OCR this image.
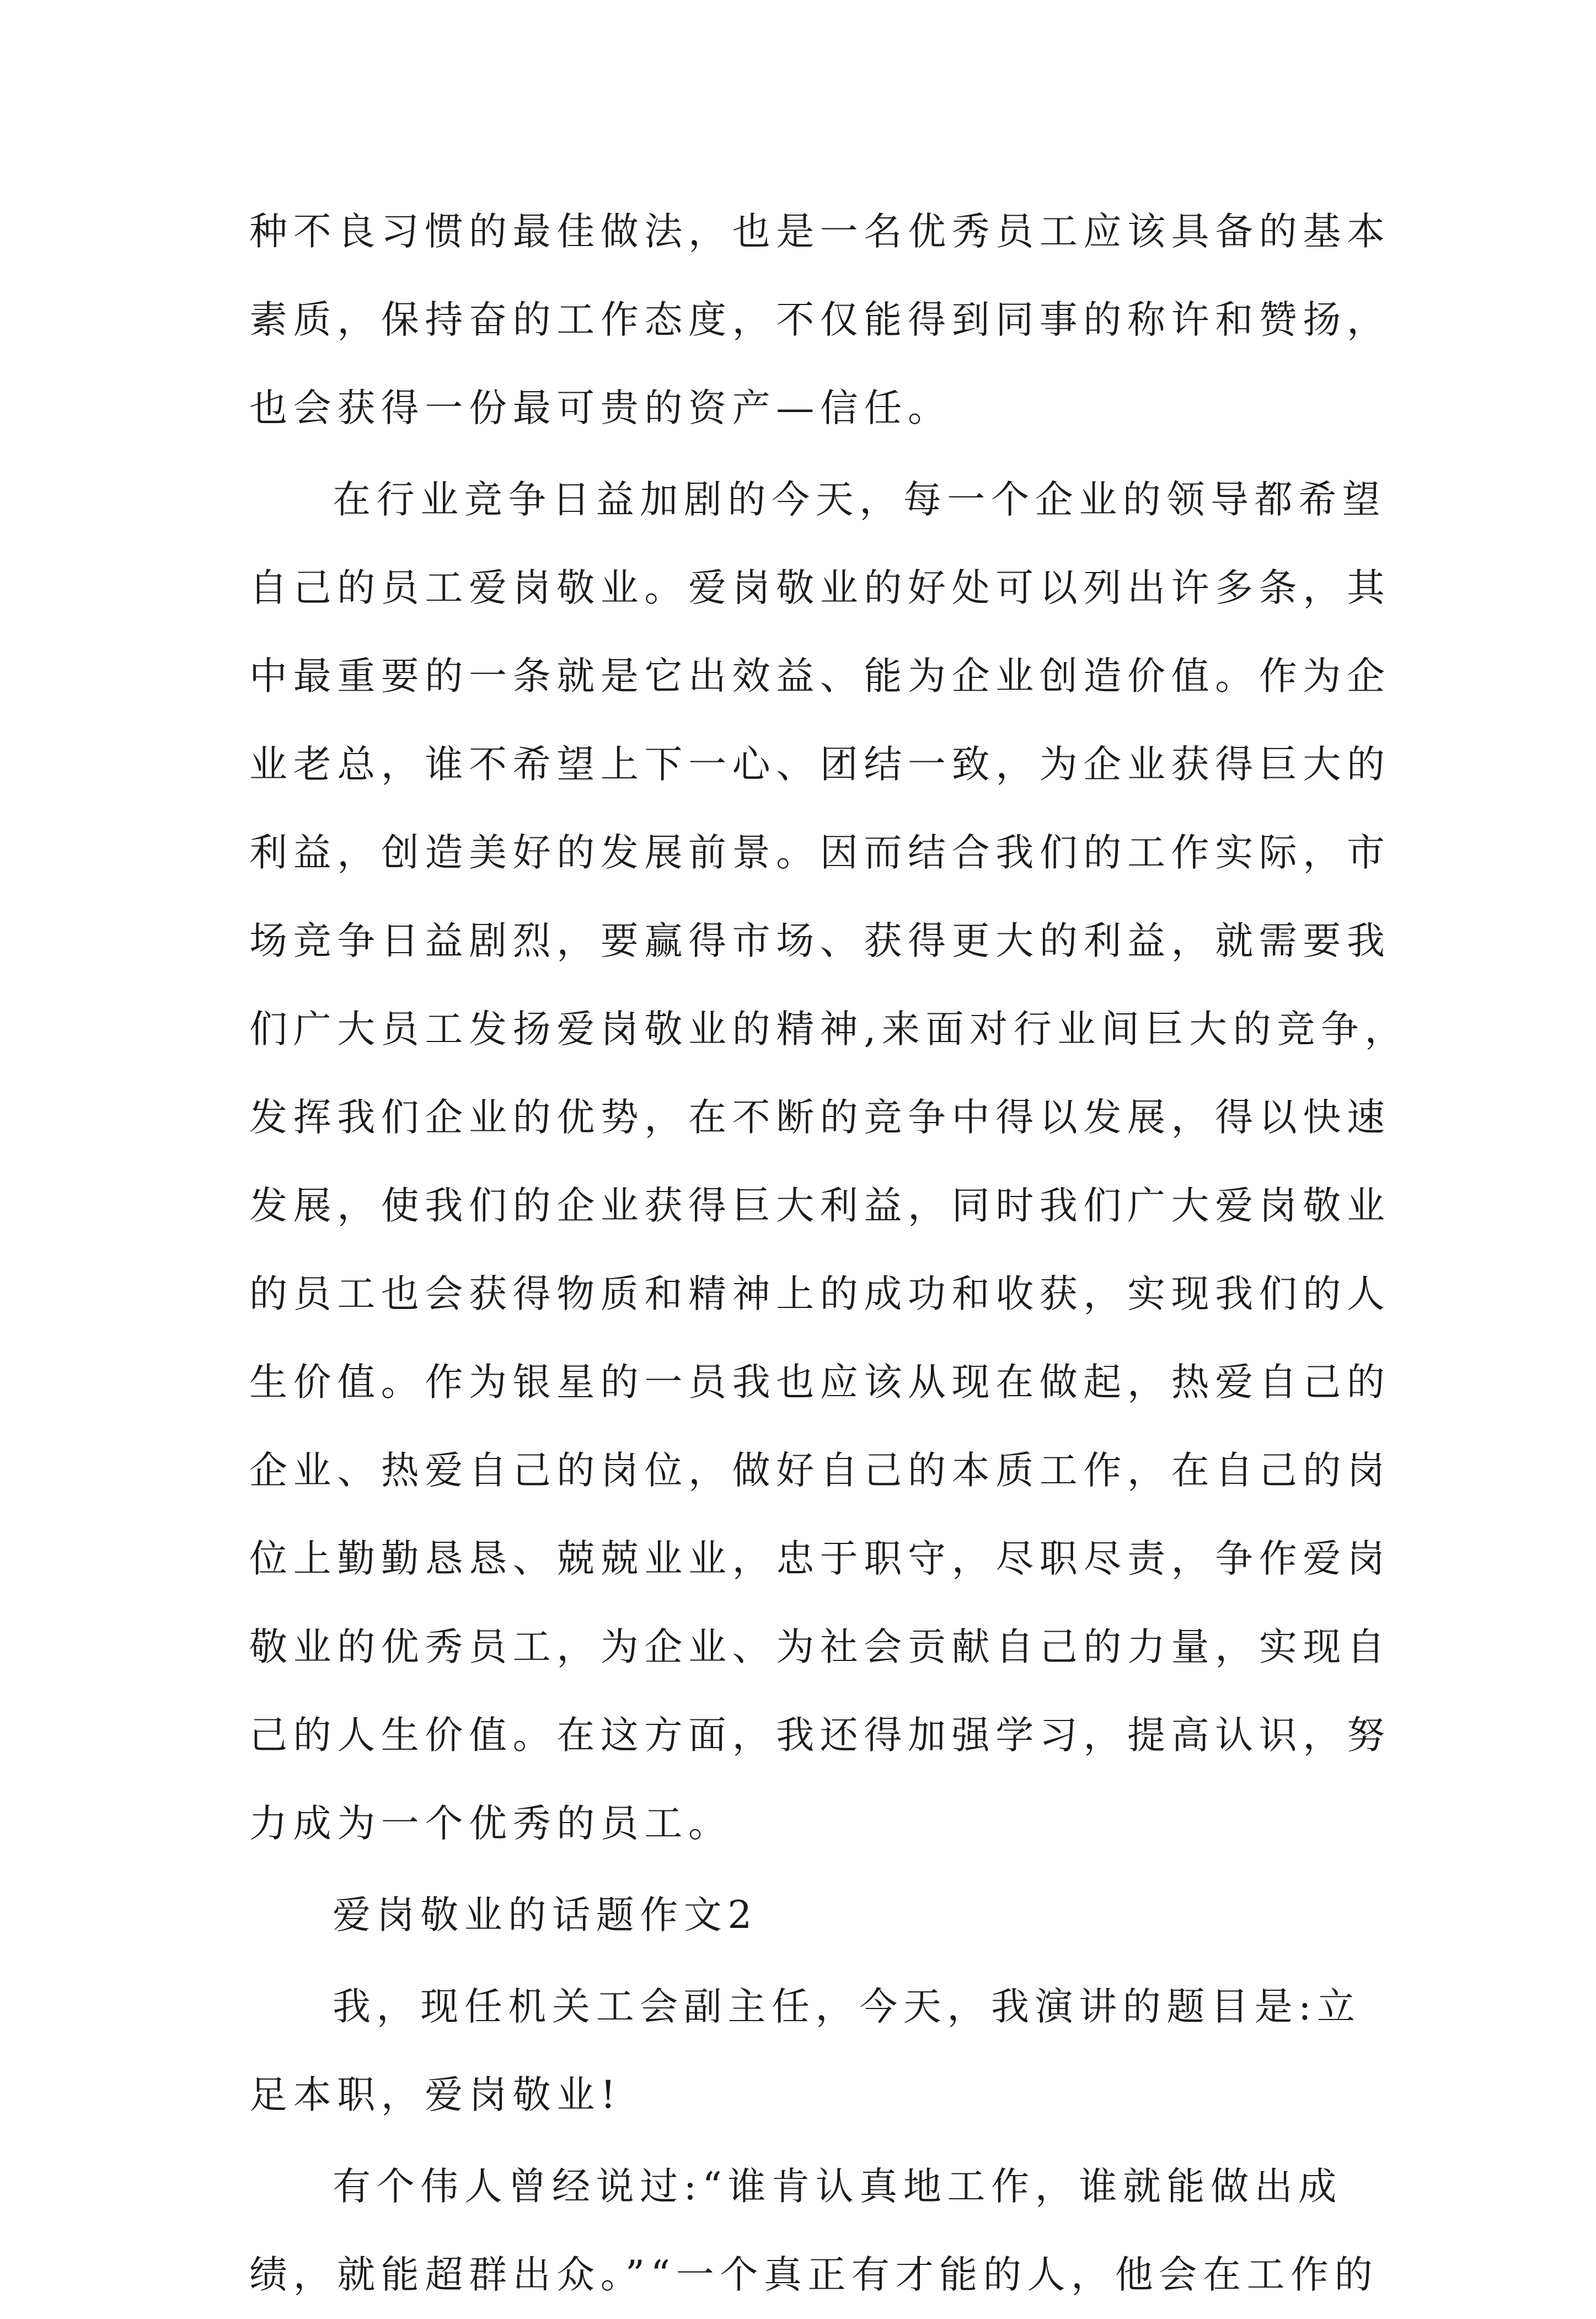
种不良习惯的最佳做法，也是一名优秀员工应该具备的基本

素质，保持奋的工作态度，不仅能得到同事的称许和赞扬，

也会获得一份最可贵的资产—信任。

在行业竞争日益加剧的今天，每一个企业的领导都希望

自己的员工爱岗敬业。爱岗敬业的好处可以列出许多条，其

中最重要的一条就是它出效益、能为企业创造价值。作为企

业老总，谁不希望上下一心、团结一致，为企业获得巨大的

利益，创造美好的发展前景。因而结合我们的工作实际，市

场竞争日益剧烈，要赢得市场、获得更大的利益，就需要我

们广大员工发扬爱岗敬业的精神,来面对行业间巨大的竞争，

发挥我们企业的优势，在不断的竞争中得以发展，得以快速

发展，使我们的企业获得巨大利益，同时我们广大爱岗敬业

的员工也会获得物质和精神上的成功和收获，实现我们的人

生价值。作为银星的一员我也应该从现在做起，热爱自己的

企业、热爱自己的岗位，做好自己的本质工作，在自己的岗

位上勤勤恳恳、兢兢业业，忠于职守，尽职尽责，争作爱岗

敬业的优秀员工，为企业、为社会贡献自己的力量，实现自

己的人生价值。在这方面，我还得加强学习，提高认识，努

力成为一个优秀的员工。

爱岗敬业的话题作文2

我，现任机关工会副主任，今天，我演讲的题目是:立

足本职，爱岗敬业!

有个伟人曾经说过:“谁肯认真地工作，谁就能做出成

绩，就能超群出众。”“一个真正有才能的人，他会在工作的
